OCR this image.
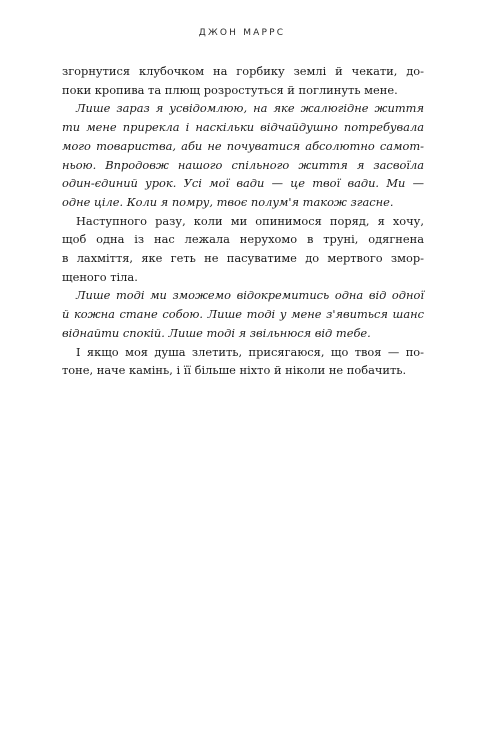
ДЖОН МАРРС
згорнутися клубочком на горбику землі й чекати, до-
поки кропива та плющ розростуться й поглинуть мене.
Лише зараз я усвідомлюю, на яке жалюгідне життя
ти мене прирекла і наскільки відчайдушно потребувала
мого товариства, аби не почуватися абсолютно самот-
ньою. Впродовж нашого спільного життя я засвоїла
один-єдиний урок. Усі мої вади — це твої вади. Ми —
одне ціле. Коли я помру, твоє полум'я також згасне.
Наступного разу, коли ми опинимося поряд, я хочу,
щоб одна із нас лежала нерухомо в труні, одягнена
в лахміття, яке геть не пасуватиме до мертвого змор-
щеного тіла.
Лише тоді ми зможемо відокремитись одна від одної
й кожна стане собою. Лише тоді у мене з'явиться шанс
віднайти спокій. Лише тоді я звільнюся від тебе.
І якщо моя душа злетить, присягаюся, що твоя — по-
тоне, наче камінь, і її більше ніхто й ніколи не побачить.
